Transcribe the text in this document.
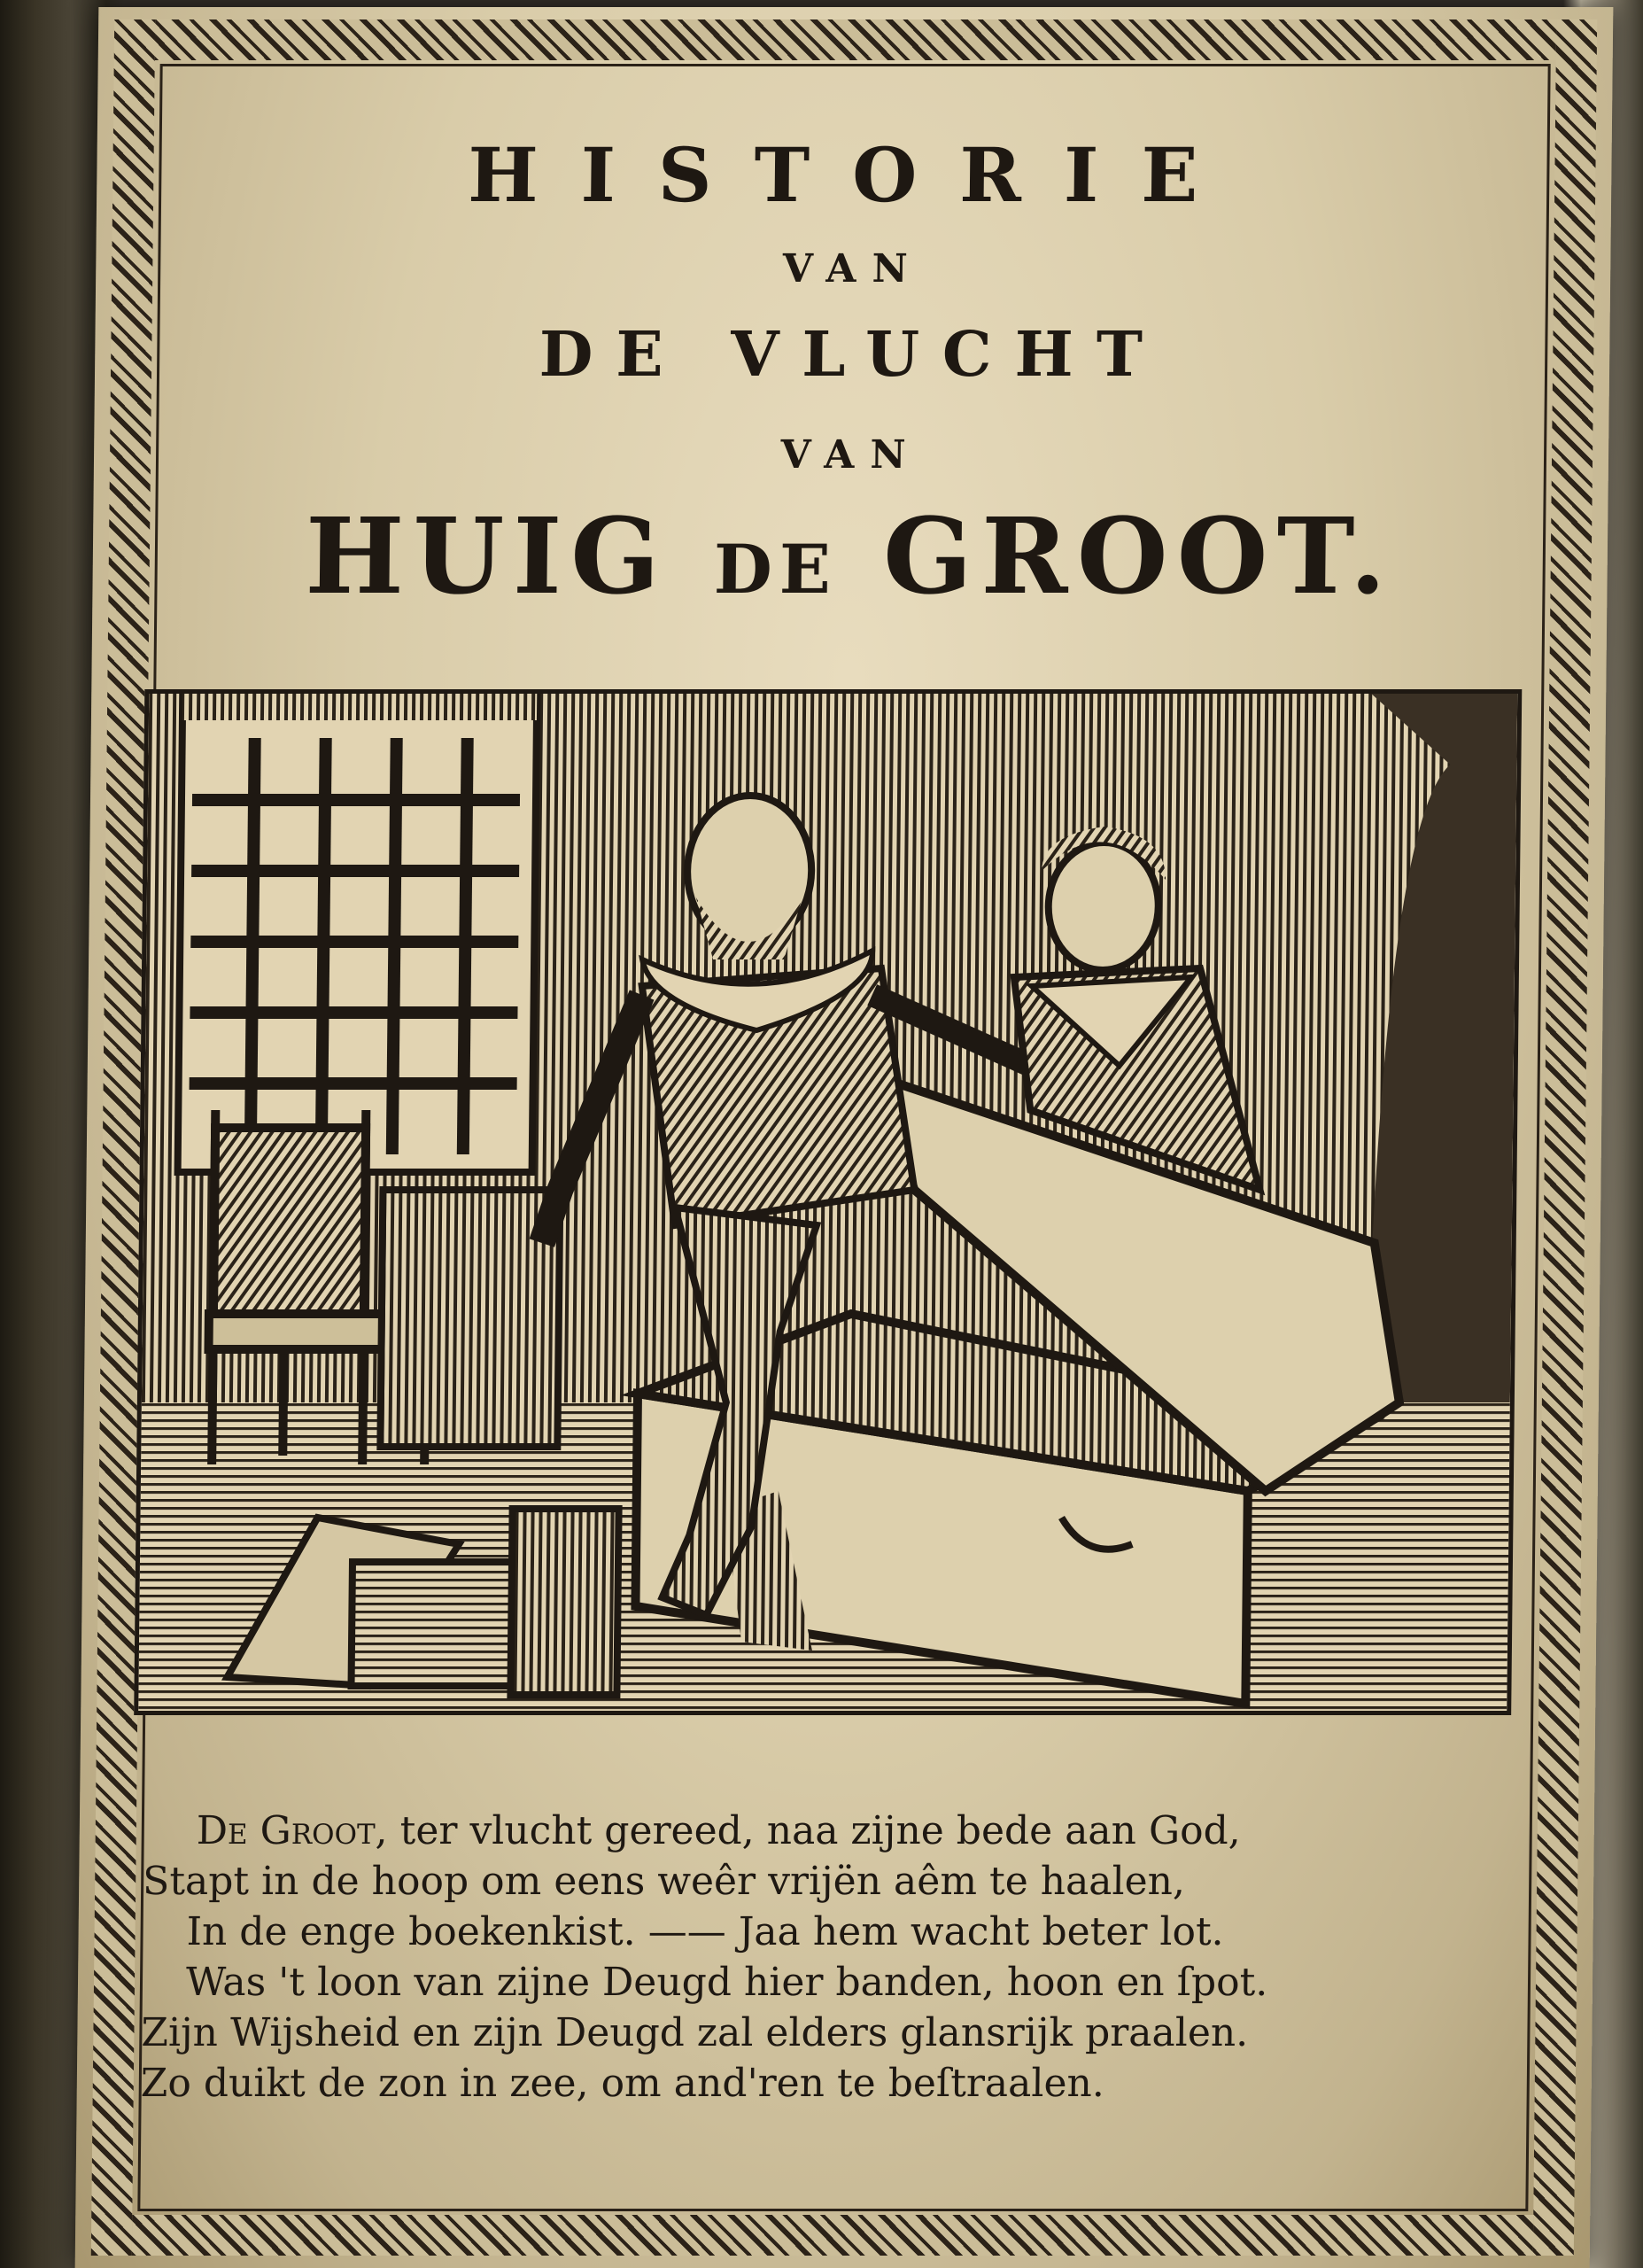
HISTORIE
VAN
DE VLUCHT
VAN
HUIG DE GROOT.
De Groot, ter vlucht gereed, naa zijne bede aan God,
Stapt in de hoop om eens weêr vrijën aêm te haalen,
In de enge boekenkist. —— Jaa hem wacht beter lot.
Was 't loon van zijne Deugd hier banden, hoon en ſpot.
Zijn Wijsheid en zijn Deugd zal elders glansrijk praalen.
Zo duikt de zon in zee, om and'ren te beſtraalen.
